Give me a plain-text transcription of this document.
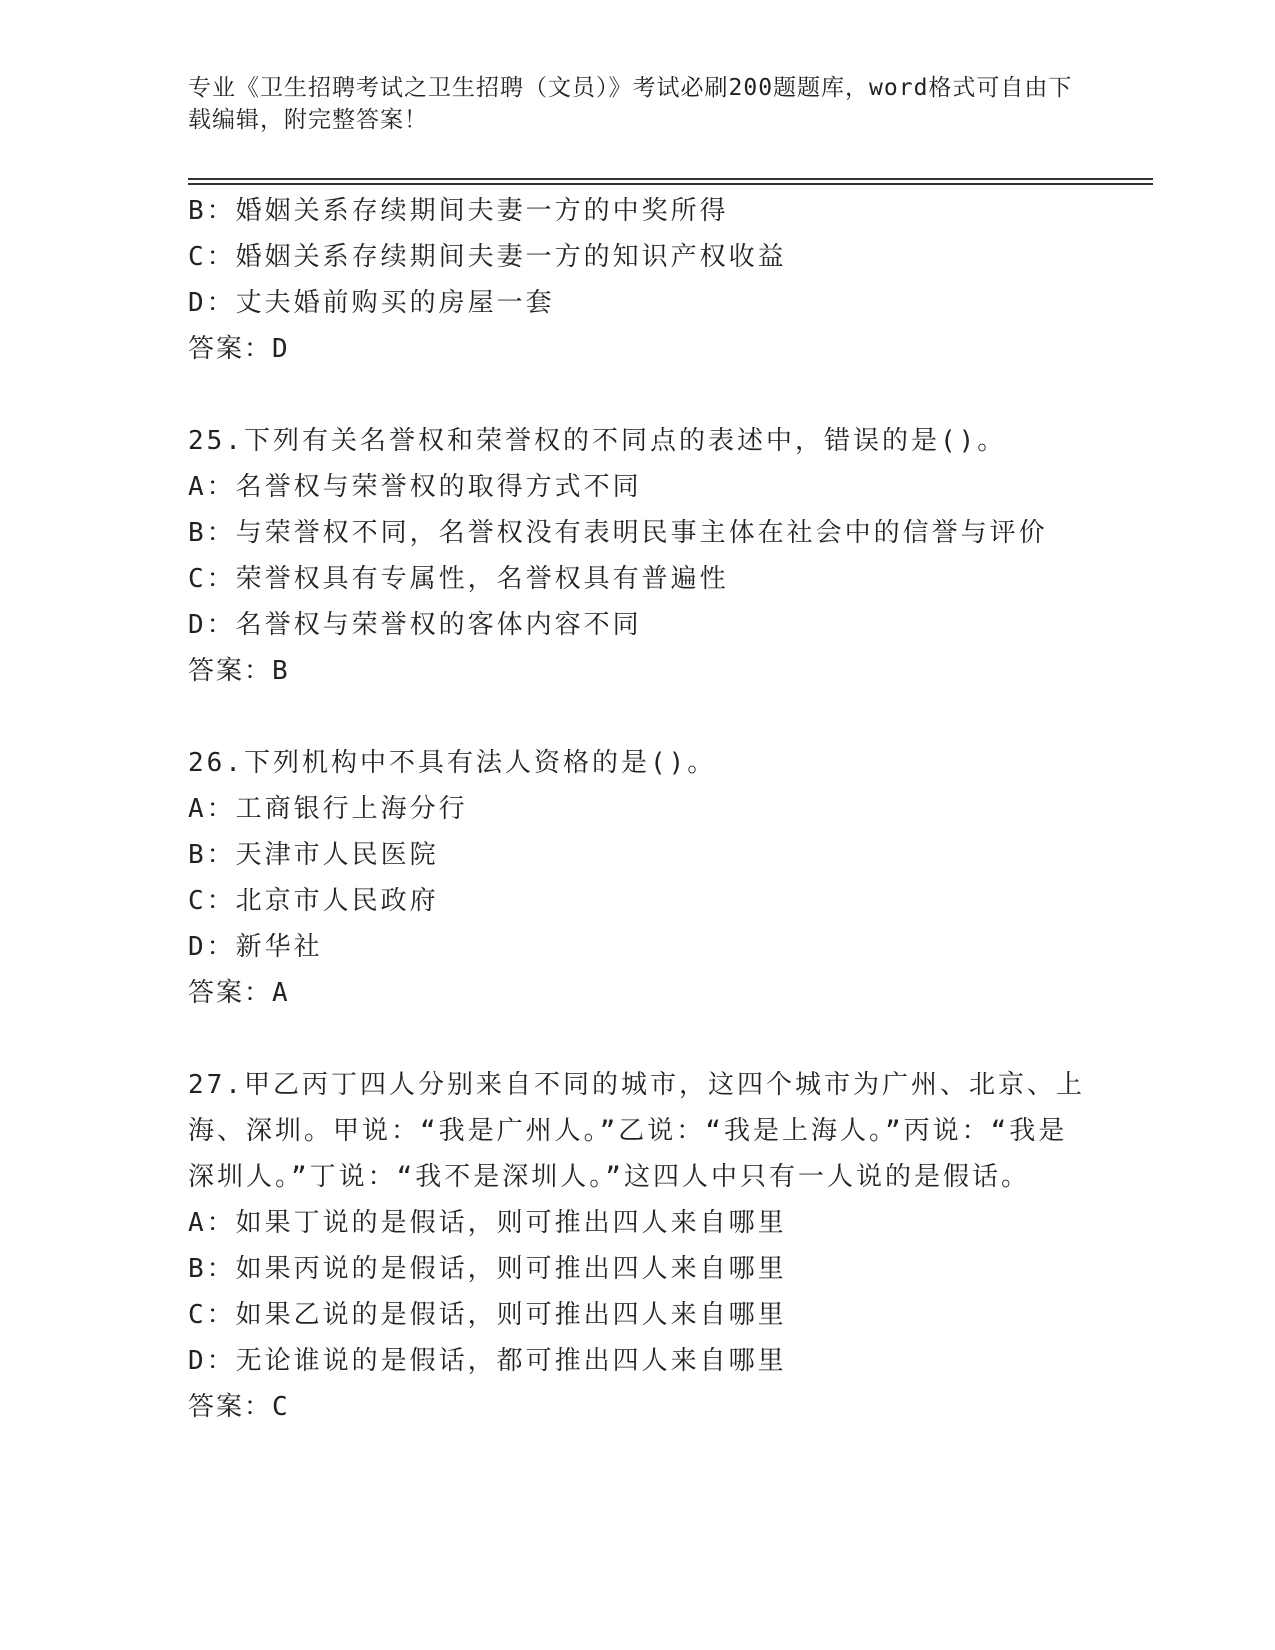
专业《卫生招聘考试之卫生招聘（文员）》考试必刷200题题库，word格式可自由下载编辑，附完整答案！
B：婚姻关系存续期间夫妻一方的中奖所得
C：婚姻关系存续期间夫妻一方的知识产权收益
D：丈夫婚前购买的房屋一套
答案：D
25.下列有关名誉权和荣誉权的不同点的表述中，错误的是()。
A：名誉权与荣誉权的取得方式不同
B：与荣誉权不同，名誉权没有表明民事主体在社会中的信誉与评价
C：荣誉权具有专属性，名誉权具有普遍性
D：名誉权与荣誉权的客体内容不同
答案：B
26.下列机构中不具有法人资格的是()。
A：工商银行上海分行
B：天津市人民医院
C：北京市人民政府
D：新华社
答案：A
27.甲乙丙丁四人分别来自不同的城市，这四个城市为广州、北京、上海、深圳。甲说：“我是广州人。”乙说：“我是上海人。”丙说：“我是深圳人。”丁说：“我不是深圳人。”这四人中只有一人说的是假话。
A：如果丁说的是假话，则可推出四人来自哪里
B：如果丙说的是假话，则可推出四人来自哪里
C：如果乙说的是假话，则可推出四人来自哪里
D：无论谁说的是假话，都可推出四人来自哪里
答案：C
